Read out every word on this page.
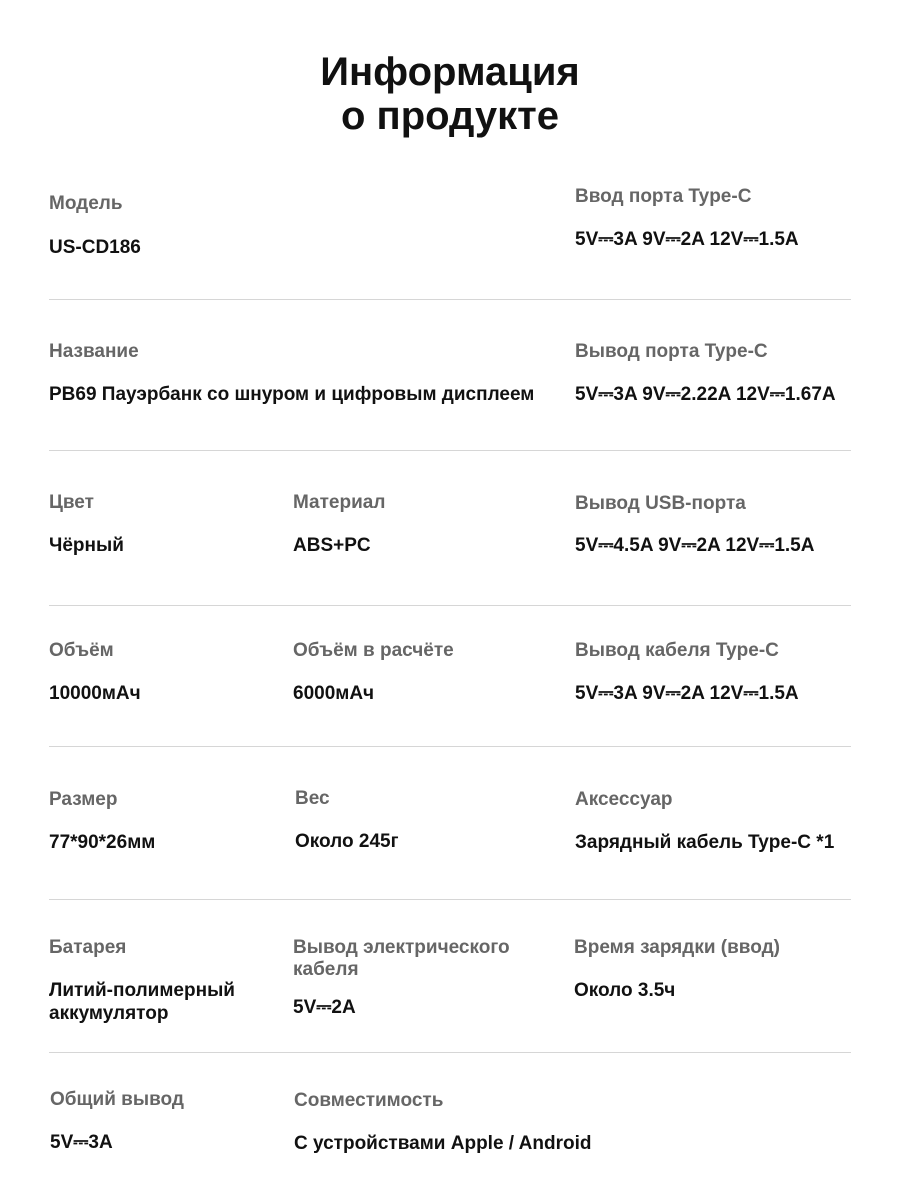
Информация
о продукте
Модель
US-CD186
Ввод порта Type-C
5V⎓3A 9V⎓2A 12V⎓1.5A
Название
PB69 Пауэрбанк со шнуром и цифровым дисплеем
Вывод порта Type-C
5V⎓3A 9V⎓2.22A 12V⎓1.67A
Цвет
Чёрный
Материал
ABS+PC
Вывод USB-порта
5V⎓4.5A 9V⎓2A 12V⎓1.5A
Объём
10000мАч
Объём в расчёте
6000мАч
Вывод кабеля Type-C
5V⎓3A 9V⎓2A 12V⎓1.5A
Размер
77*90*26мм
Вес
Около 245г
Аксессуар
Зарядный кабель Type-C *1
Батарея
Литий-полимерный аккумулятор
Вывод электрического кабеля
5V⎓2A
Время зарядки (ввод)
Около 3.5ч
Общий вывод
5V⎓3A
Совместимость
С устройствами Apple / Android
